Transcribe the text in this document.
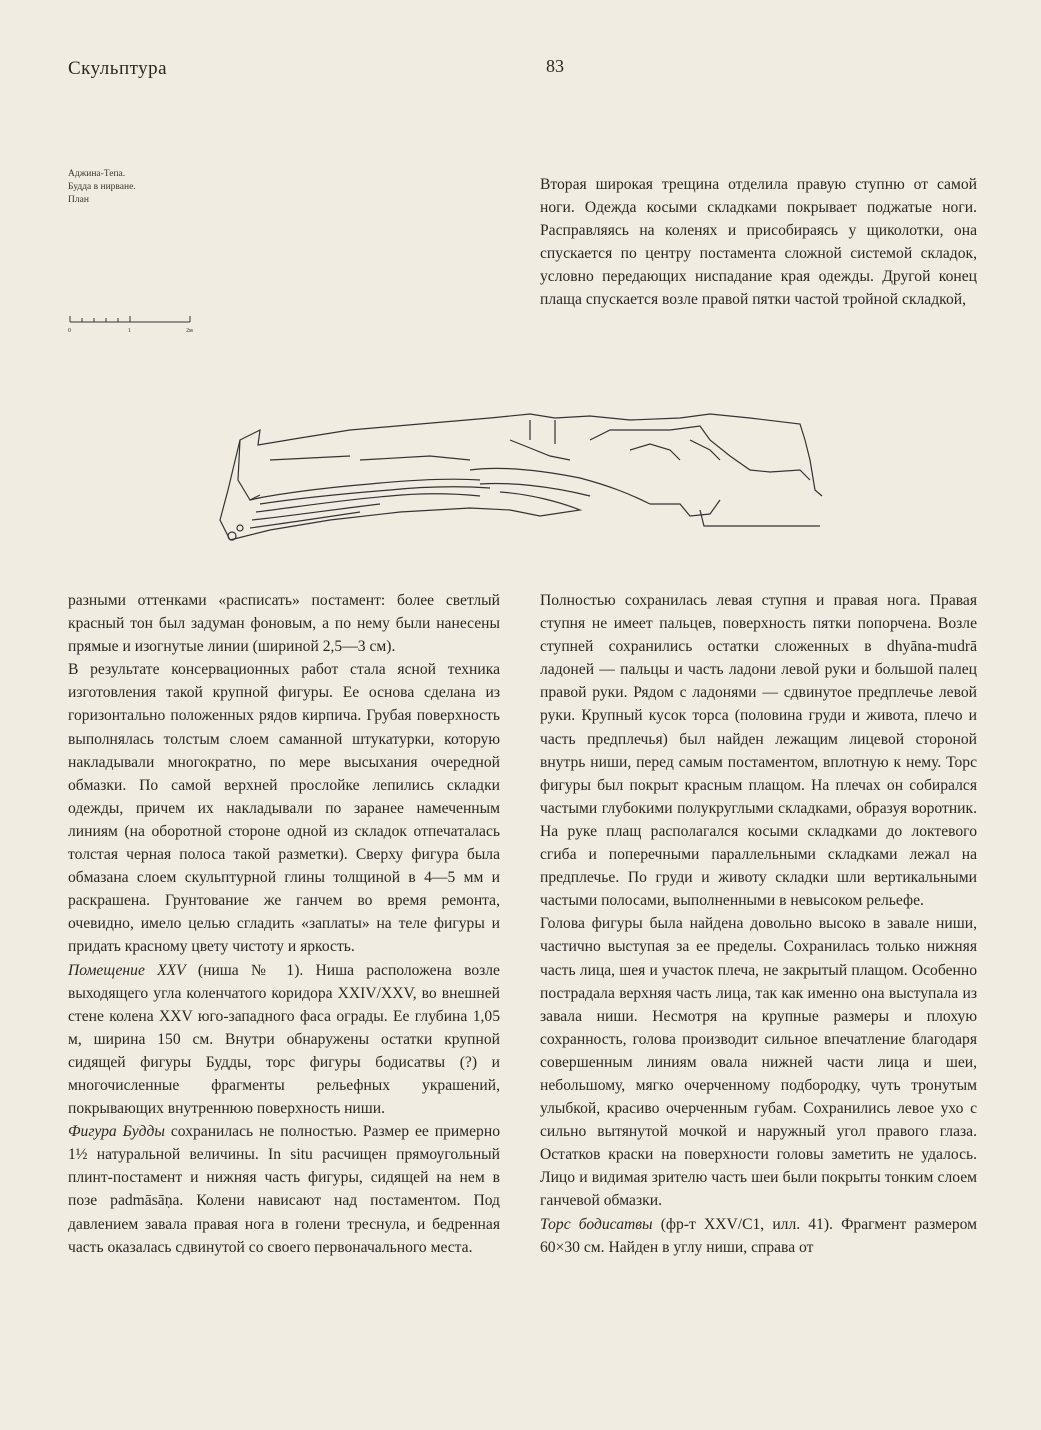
Скульптура	83
Аджина-Тепа.
Будда в нирване.
План
0	1	2м

Вторая широкая трещина отделила правую ступню от самой ноги. Одежда косыми складками покрывает поджатые ноги. Расправляясь на коленях и присобираясь у щиколотки, она спускается по центру постамента сложной системой складок, условно передающих ниспадание края одежды. Другой конец плаща спускается возле правой пятки частой тройной складкой,

разными оттенками «расписать» постамент: более светлый красный тон был задуман фоновым, а по нему были нанесены прямые и изогнутые линии (шириной 2,5—3 см).

В результате консервационных работ стала ясной техника изготовления такой крупной фигуры. Ее основа сделана из горизонтально положенных рядов кирпича. Грубая поверхность выполнялась толстым слоем саманной штукатурки, которую накладывали многократно, по мере высыхания очередной обмазки. По самой верхней прослойке лепились складки одежды, причем их накладывали по заранее намеченным линиям (на оборотной стороне одной из складок отпечаталась толстая черная полоса такой разметки). Сверху фигура была обмазана слоем скульптурной глины толщиной в 4—5 мм и раскрашена. Грунтование же ганчем во время ремонта, очевидно, имело целью сгладить «заплаты» на теле фигуры и придать красному цвету чистоту и яркость.

Помещение XXV (ниша № 1). Ниша расположена возле выходящего угла коленчатого коридора XXIV/XXV, во внешней стене колена XXV юго-западного фаса ограды. Ее глубина 1,05 м, ширина 150 см. Внутри обнаружены остатки крупной сидящей фигуры Будды, торс фигуры бодисатвы (?) и многочисленные фрагменты рельефных украшений, покрывающих внутреннюю поверхность ниши.

Фигура Будды сохранилась не полностью. Размер ее примерно 1½ натуральной величины. In situ расчищен прямоугольный плинт-постамент и нижняя часть фигуры, сидящей на нем в позе padmāsāṇa. Колени нависают над постаментом. Под давлением завала правая нога в голени треснула, и бедренная часть оказалась сдвинутой со своего первоначального места.

Полностью сохранилась левая ступня и правая нога. Правая ступня не имеет пальцев, поверхность пятки попорчена. Возле ступней сохранились остатки сложенных в dhyāna-mudrā ладоней — пальцы и часть ладони левой руки и большой палец правой руки. Рядом с ладонями — сдвинутое предплечье левой руки. Крупный кусок торса (половина груди и живота, плечо и часть предплечья) был найден лежащим лицевой стороной внутрь ниши, перед самым постаментом, вплотную к нему. Торс фигуры был покрыт красным плащом. На плечах он собирался частыми глубокими полукруглыми складками, образуя воротник. На руке плащ располагался косыми складками до локтевого сгиба и поперечными параллельными складками лежал на предплечье. По груди и животу складки шли вертикальными частыми полосами, выполненными в невысоком рельефе.

Голова фигуры была найдена довольно высоко в завале ниши, частично выступая за ее пределы. Сохранилась только нижняя часть лица, шея и участок плеча, не закрытый плащом. Особенно пострадала верхняя часть лица, так как именно она выступала из завала ниши. Несмотря на крупные размеры и плохую сохранность, голова производит сильное впечатление благодаря совершенным линиям овала нижней части лица и шеи, небольшому, мягко очерченному подбородку, чуть тронутым улыбкой, красиво очерченным губам. Сохранились левое ухо с сильно вытянутой мочкой и наружный угол правого глаза. Остатков краски на поверхности головы заметить не удалось. Лицо и видимая зрителю часть шеи были покрыты тонким слоем ганчевой обмазки.

Торс бодисатвы (фр-т XXV/C1, илл. 41). Фрагмент размером 60×30 см. Найден в углу ниши, справа от
